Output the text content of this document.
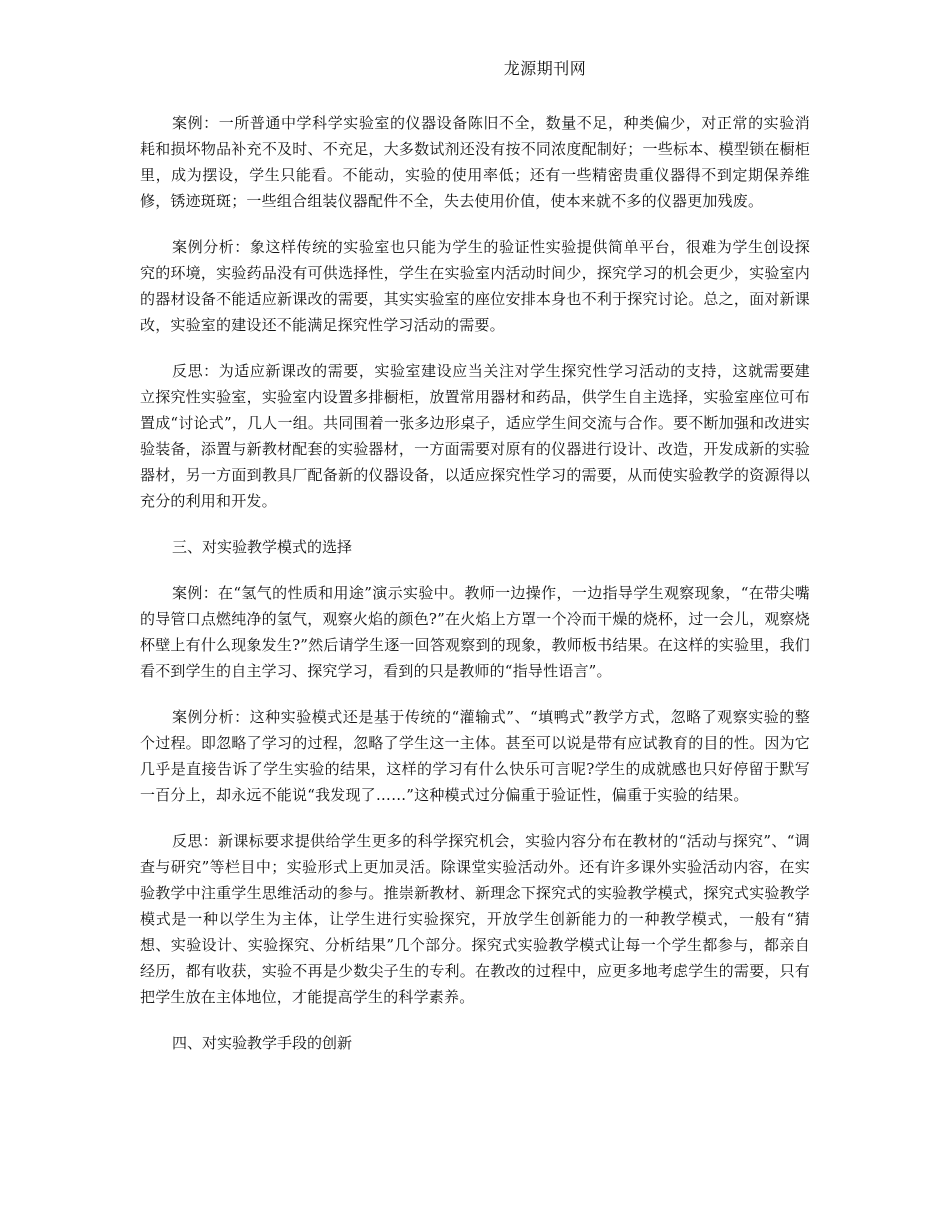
龙源期刊网

案例：一所普通中学科学实验室的仪器设备陈旧不全，数量不足，种类偏少，对正常的实验消耗和损坏物品补充不及时、不充足，大多数试剂还没有按不同浓度配制好；一些标本、模型锁在橱柜里，成为摆设，学生只能看。不能动，实验的使用率低；还有一些精密贵重仪器得不到定期保养维修，锈迹斑斑；一些组合组装仪器配件不全，失去使用价值，使本来就不多的仪器更加残废。

案例分析：象这样传统的实验室也只能为学生的验证性实验提供简单平台，很难为学生创设探究的环境，实验药品没有可供选择性，学生在实验室内活动时间少，探究学习的机会更少，实验室内的器材设备不能适应新课改的需要，其实实验室的座位安排本身也不利于探究讨论。总之，面对新课改，实验室的建设还不能满足探究性学习活动的需要。

反思：为适应新课改的需要，实验室建设应当关注对学生探究性学习活动的支持，这就需要建立探究性实验室，实验室内设置多排橱柜，放置常用器材和药品，供学生自主选择，实验室座位可布置成“讨论式”，几人一组。共同围着一张多边形桌子，适应学生间交流与合作。要不断加强和改进实验装备，添置与新教材配套的实验器材，一方面需要对原有的仪器进行设计、改造，开发成新的实验器材，另一方面到教具厂配备新的仪器设备，以适应探究性学习的需要，从而使实验教学的资源得以充分的利用和开发。

三、对实验教学模式的选择

案例：在“氢气的性质和用途”演示实验中。教师一边操作，一边指导学生观察现象，“在带尖嘴的导管口点燃纯净的氢气，观察火焰的颜色?”在火焰上方罩一个冷而干燥的烧杯，过一会儿，观察烧杯壁上有什么现象发生?”然后请学生逐一回答观察到的现象，教师板书结果。在这样的实验里，我们看不到学生的自主学习、探究学习，看到的只是教师的“指导性语言”。

案例分析：这种实验模式还是基于传统的“灌输式”、“填鸭式”教学方式，忽略了观察实验的整个过程。即忽略了学习的过程，忽略了学生这一主体。甚至可以说是带有应试教育的目的性。因为它几乎是直接告诉了学生实验的结果，这样的学习有什么快乐可言呢?学生的成就感也只好停留于默写一百分上，却永远不能说“我发现了……”这种模式过分偏重于验证性，偏重于实验的结果。

反思：新课标要求提供给学生更多的科学探究机会，实验内容分布在教材的“活动与探究”、“调查与研究”等栏目中；实验形式上更加灵活。除课堂实验活动外。还有许多课外实验活动内容，在实验教学中注重学生思维活动的参与。推崇新教材、新理念下探究式的实验教学模式，探究式实验教学模式是一种以学生为主体，让学生进行实验探究，开放学生创新能力的一种教学模式，一般有“猜想、实验设计、实验探究、分析结果”几个部分。探究式实验教学模式让每一个学生都参与，都亲自经历，都有收获，实验不再是少数尖子生的专利。在教改的过程中，应更多地考虑学生的需要，只有把学生放在主体地位，才能提高学生的科学素养。

四、对实验教学手段的创新
